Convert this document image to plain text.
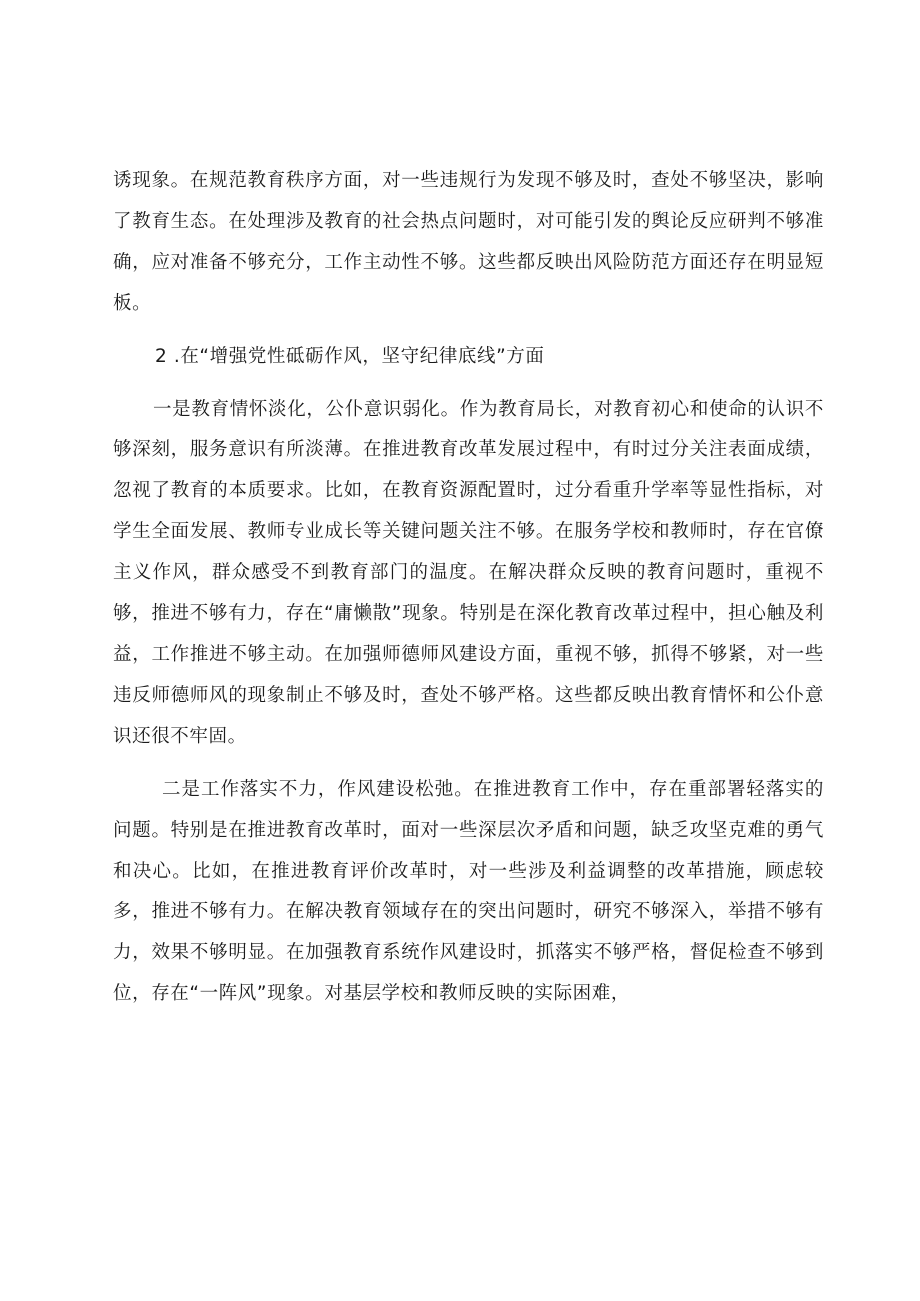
诱现象。在规范教育秩序方面，对一些违规行为发现不够及时，查处不够坚决，影响了教育生态。在处理涉及教育的社会热点问题时，对可能引发的舆论反应研判不够准确，应对准备不够充分，工作主动性不够。这些都反映出风险防范方面还存在明显短板。

2 .在“增强党性砥砺作风，坚守纪律底线”方面

一是教育情怀淡化，公仆意识弱化。作为教育局长，对教育初心和使命的认识不够深刻，服务意识有所淡薄。在推进教育改革发展过程中，有时过分关注表面成绩，忽视了教育的本质要求。比如，在教育资源配置时，过分看重升学率等显性指标，对学生全面发展、教师专业成长等关键问题关注不够。在服务学校和教师时，存在官僚主义作风，群众感受不到教育部门的温度。在解决群众反映的教育问题时，重视不够，推进不够有力，存在“庸懒散”现象。特别是在深化教育改革过程中，担心触及利益，工作推进不够主动。在加强师德师风建设方面，重视不够，抓得不够紧，对一些违反师德师风的现象制止不够及时，查处不够严格。这些都反映出教育情怀和公仆意识还很不牢固。

二是工作落实不力，作风建设松弛。在推进教育工作中，存在重部署轻落实的问题。特别是在推进教育改革时，面对一些深层次矛盾和问题，缺乏攻坚克难的勇气和决心。比如，在推进教育评价改革时，对一些涉及利益调整的改革措施，顾虑较多，推进不够有力。在解决教育领域存在的突出问题时，研究不够深入，举措不够有力，效果不够明显。在加强教育系统作风建设时，抓落实不够严格，督促检查不够到位，存在“一阵风”现象。对基层学校和教师反映的实际困难，
